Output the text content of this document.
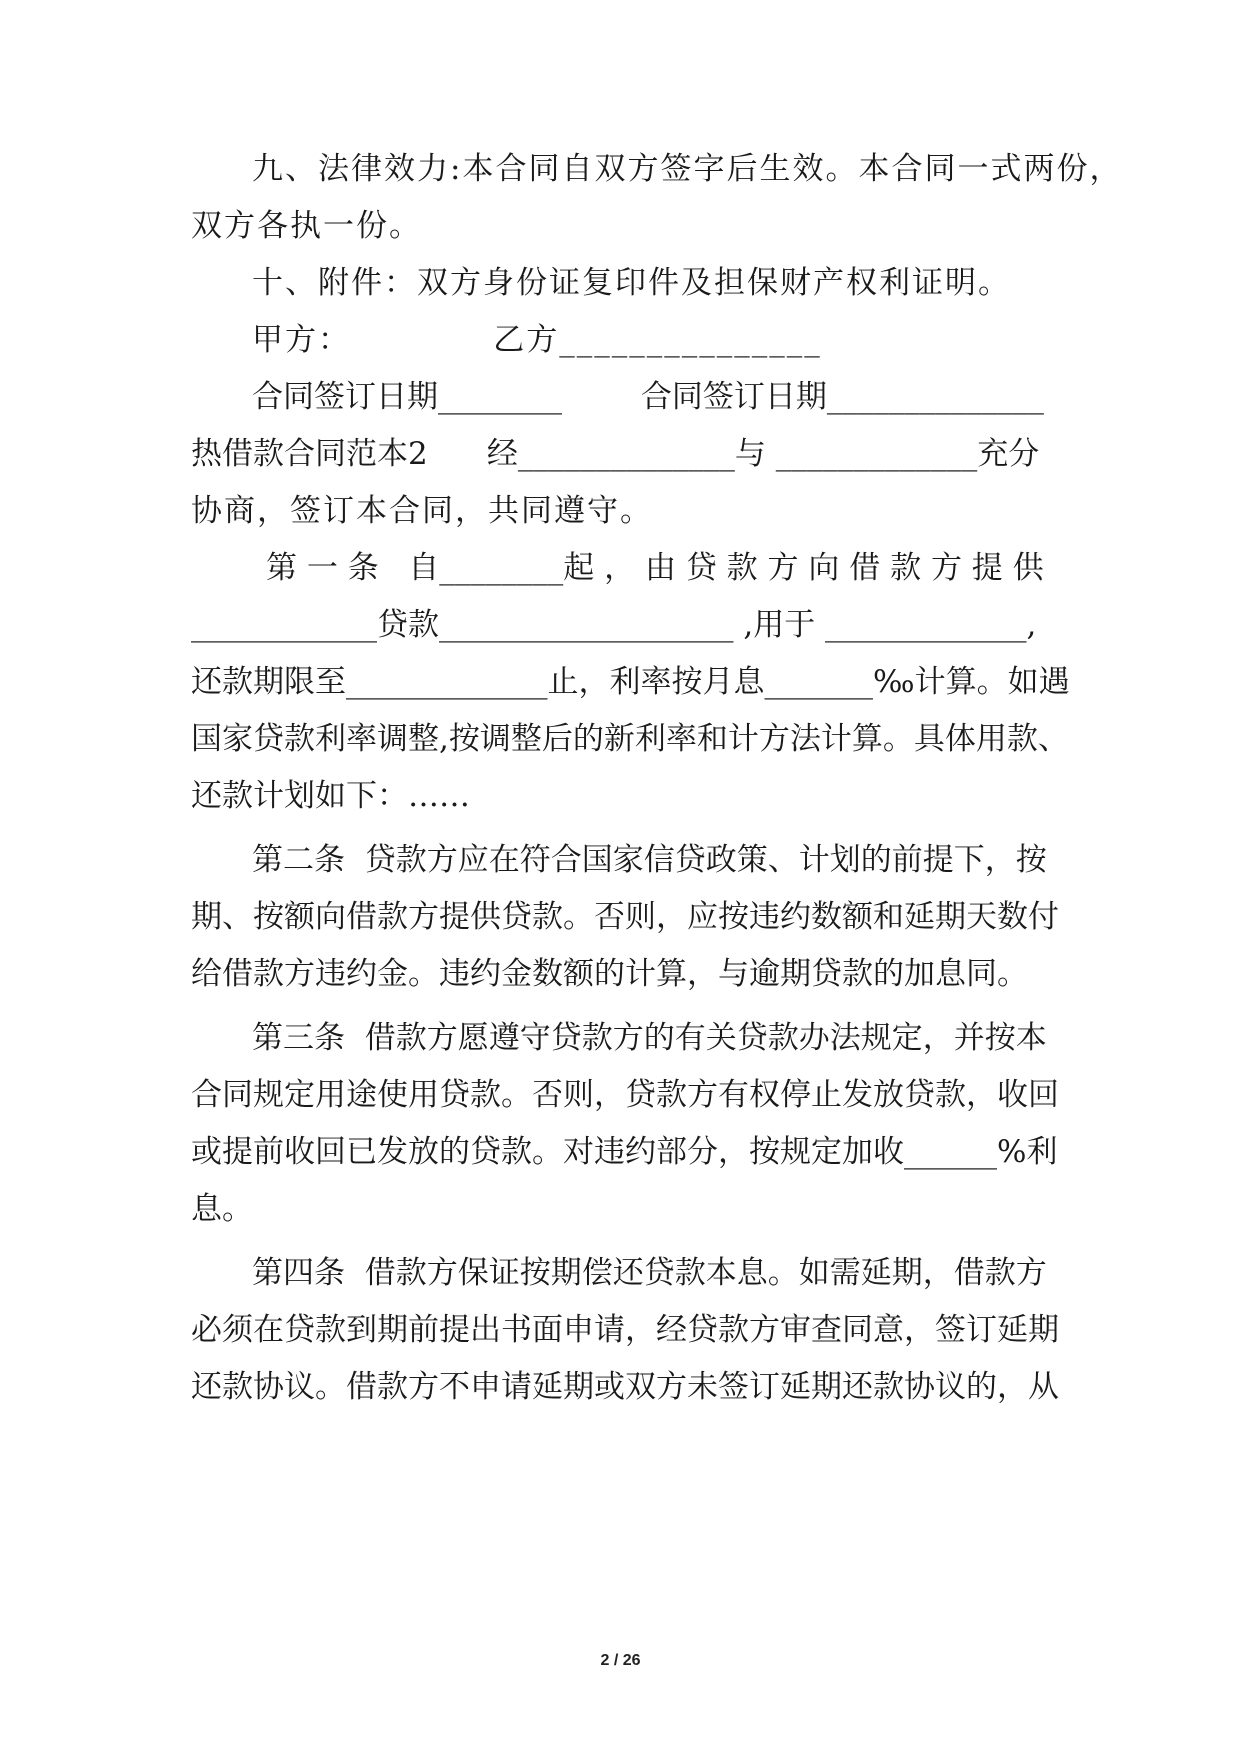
九、法律效力:本合同自双方签字后生效。本合同一式两份，
双方各执一份。
十、附件：双方身份证复印件及担保财产权利证明。
甲方：            乙方_______________
合同签订日期________        合同签订日期______________
热借款合同范本2      经______________与 _____________充分
协商，签订本合同，共同遵守。
第 一 条   自________起 ， 由 贷 款 方 向 借 款 方 提 供
____________贷款___________________ ,用于 _____________,
还款期限至_____________止，利率按月息_______‰计算。如遇
国家贷款利率调整,按调整后的新利率和计方法计算。具体用款、
还款计划如下：……
第二条  贷款方应在符合国家信贷政策、计划的前提下，按
期、按额向借款方提供贷款。否则，应按违约数额和延期天数付
给借款方违约金。违约金数额的计算，与逾期贷款的加息同。
第三条  借款方愿遵守贷款方的有关贷款办法规定，并按本
合同规定用途使用贷款。否则，贷款方有权停止发放贷款，收回
或提前收回已发放的贷款。对违约部分，按规定加收______%利
息。
第四条  借款方保证按期偿还贷款本息。如需延期，借款方
必须在贷款到期前提出书面申请，经贷款方审查同意，签订延期
还款协议。借款方不申请延期或双方未签订延期还款协议的，从
2 / 26
